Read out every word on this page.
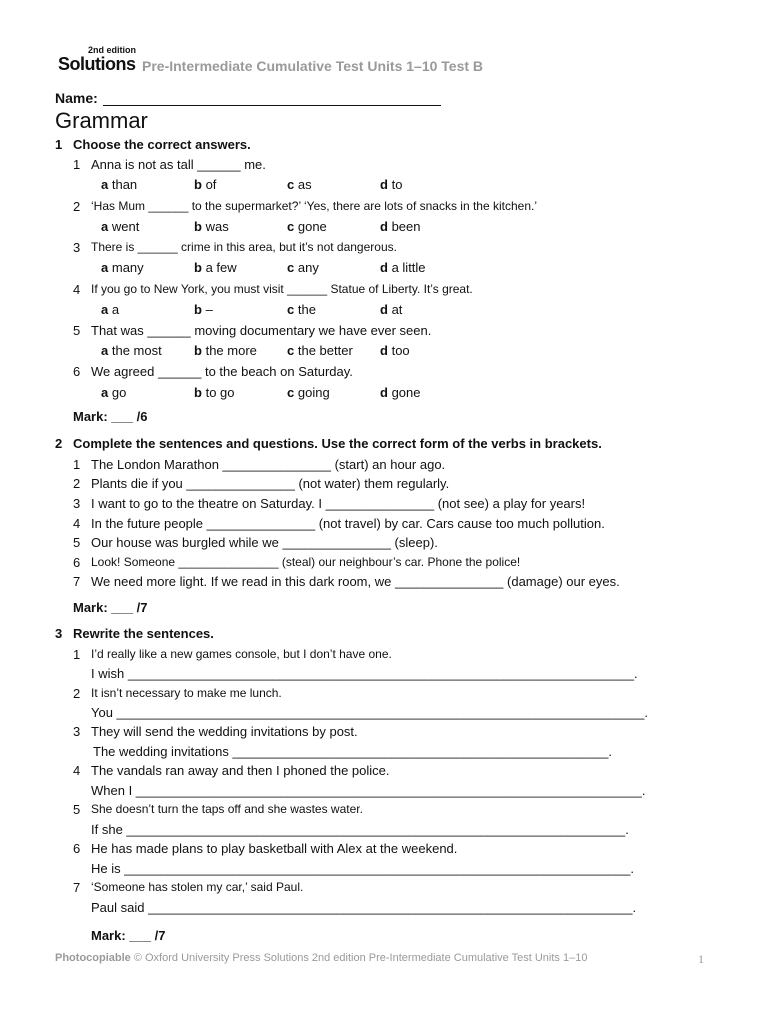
2nd edition
Solutions Pre-Intermediate Cumulative Test Units 1–10 Test B
Name:
Grammar
1 Choose the correct answers.
1 Anna is not as tall ______ me.
a than	b of	c as	d to
2 ‘Has Mum ______ to the supermarket?’ ‘Yes, there are lots of snacks in the kitchen.’
a went	b was	c gone	d been
3 There is ______ crime in this area, but it’s not dangerous.
a many	b a few	c any	d a little
4 If you go to New York, you must visit ______ Statue of Liberty. It’s great.
a a	b –	c the	d at
5 That was ______ moving documentary we have ever seen.
a the most b the more c the better d too
6 We agreed ______ to the beach on Saturday.
a go	b to go	c going	d gone
Mark: ___ /6
2 Complete the sentences and questions. Use the correct form of the verbs in brackets.
1 The London Marathon _______________ (start) an hour ago.
2 Plants die if you _______________ (not water) them regularly.
3 I want to go to the theatre on Saturday. I _______________ (not see) a play for years!
4 In the future people _______________ (not travel) by car. Cars cause too much pollution.
5 Our house was burgled while we _______________ (sleep).
6 Look! Someone _______________ (steal) our neighbour’s car. Phone the police!
7 We need more light. If we read in this dark room, we _______________ (damage) our eyes.
Mark: ___ /7
3 Rewrite the sentences.
1 I’d really like a new games console, but I don’t have one.
I wish ______________________________________________________________________.
2 It isn’t necessary to make me lunch.
You _________________________________________________________________________.
3 They will send the wedding invitations by post.
The wedding invitations ____________________________________________________.
4 The vandals ran away and then I phoned the police.
When I ______________________________________________________________________.
5 She doesn’t turn the taps off and she wastes water.
If she _____________________________________________________________________.
6 He has made plans to play basketball with Alex at the weekend.
He is ______________________________________________________________________.
7 ‘Someone has stolen my car,’ said Paul.
Paul said ___________________________________________________________________.
Mark: ___ /7
Photocopiable © Oxford University Press Solutions 2nd edition Pre-Intermediate Cumulative Test Units 1–10	1
